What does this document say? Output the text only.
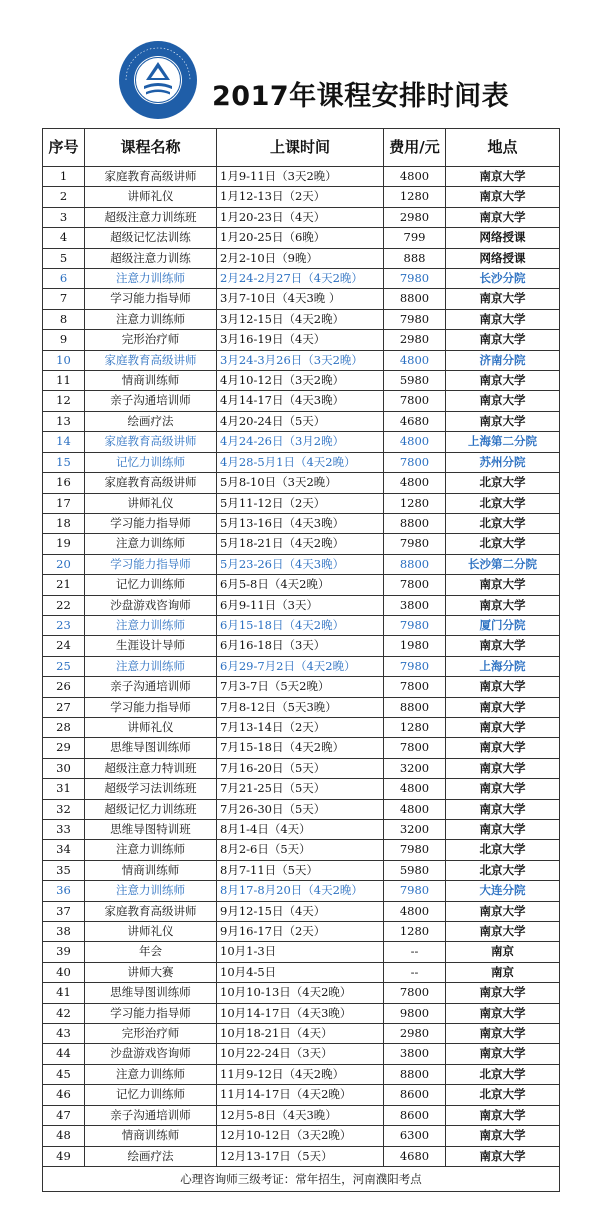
2017年课程安排时间表
序号	课程名称	上课时间	费用/元	地点
1	家庭教育高级讲师	1月9-11日（3天2晚）	4800	南京大学
2	讲师礼仪	1月12-13日（2天）	1280	南京大学
3	超级注意力训练班	1月20-23日（4天）	2980	南京大学
4	超级记忆法训练	1月20-25日（6晚）	799	网络授课
5	超级注意力训练	2月2-10日（9晚）	888	网络授课
6	注意力训练师	2月24-2月27日（4天2晚）	7980	长沙分院
7	学习能力指导师	3月7-10日（4天3晚 ）	8800	南京大学
8	注意力训练师	3月12-15日（4天2晚）	7980	南京大学
9	完形治疗师	3月16-19日（4天）	2980	南京大学
10	家庭教育高级讲师	3月24-3月26日（3天2晚）	4800	济南分院
11	情商训练师	4月10-12日（3天2晚）	5980	南京大学
12	亲子沟通培训师	4月14-17日（4天3晚）	7800	南京大学
13	绘画疗法	4月20-24日（5天）	4680	南京大学
14	家庭教育高级讲师	4月24-26日（3月2晚）	4800	上海第二分院
15	记忆力训练师	4月28-5月1日（4天2晚）	7800	苏州分院
16	家庭教育高级讲师	5月8-10日（3天2晚）	4800	北京大学
17	讲师礼仪	5月11-12日（2天）	1280	北京大学
18	学习能力指导师	5月13-16日（4天3晚）	8800	北京大学
19	注意力训练师	5月18-21日（4天2晚）	7980	北京大学
20	学习能力指导师	5月23-26日（4天3晚）	8800	长沙第二分院
21	记忆力训练师	6月5-8日（4天2晚）	7800	南京大学
22	沙盘游戏咨询师	6月9-11日（3天）	3800	南京大学
23	注意力训练师	6月15-18日（4天2晚）	7980	厦门分院
24	生涯设计导师	6月16-18日（3天）	1980	南京大学
25	注意力训练师	6月29-7月2日（4天2晚）	7980	上海分院
26	亲子沟通培训师	7月3-7日（5天2晚）	7800	南京大学
27	学习能力指导师	7月8-12日（5天3晚）	8800	南京大学
28	讲师礼仪	7月13-14日（2天）	1280	南京大学
29	思维导图训练师	7月15-18日（4天2晚）	7800	南京大学
30	超级注意力特训班	7月16-20日（5天）	3200	南京大学
31	超级学习法训练班	7月21-25日（5天）	4800	南京大学
32	超级记忆力训练班	7月26-30日（5天）	4800	南京大学
33	思维导图特训班	8月1-4日（4天）	3200	南京大学
34	注意力训练师	8月2-6日（5天）	7980	北京大学
35	情商训练师	8月7-11日（5天）	5980	北京大学
36	注意力训练师	8月17-8月20日（4天2晚）	7980	大连分院
37	家庭教育高级讲师	9月12-15日（4天）	4800	南京大学
38	讲师礼仪	9月16-17日（2天）	1280	南京大学
39	年会	10月1-3日	--	南京
40	讲师大赛	10月4-5日	--	南京
41	思维导图训练师	10月10-13日（4天2晚）	7800	南京大学
42	学习能力指导师	10月14-17日（4天3晚）	9800	南京大学
43	完形治疗师	10月18-21日（4天）	2980	南京大学
44	沙盘游戏咨询师	10月22-24日（3天）	3800	南京大学
45	注意力训练师	11月9-12日（4天2晚）	8800	北京大学
46	记忆力训练师	11月14-17日（4天2晚）	8600	北京大学
47	亲子沟通培训师	12月5-8日（4天3晚）	8600	南京大学
48	情商训练师	12月10-12日（3天2晚）	6300	南京大学
49	绘画疗法	12月13-17日（5天）	4680	南京大学
心理咨询师三级考证：常年招生，河南濮阳考点				
